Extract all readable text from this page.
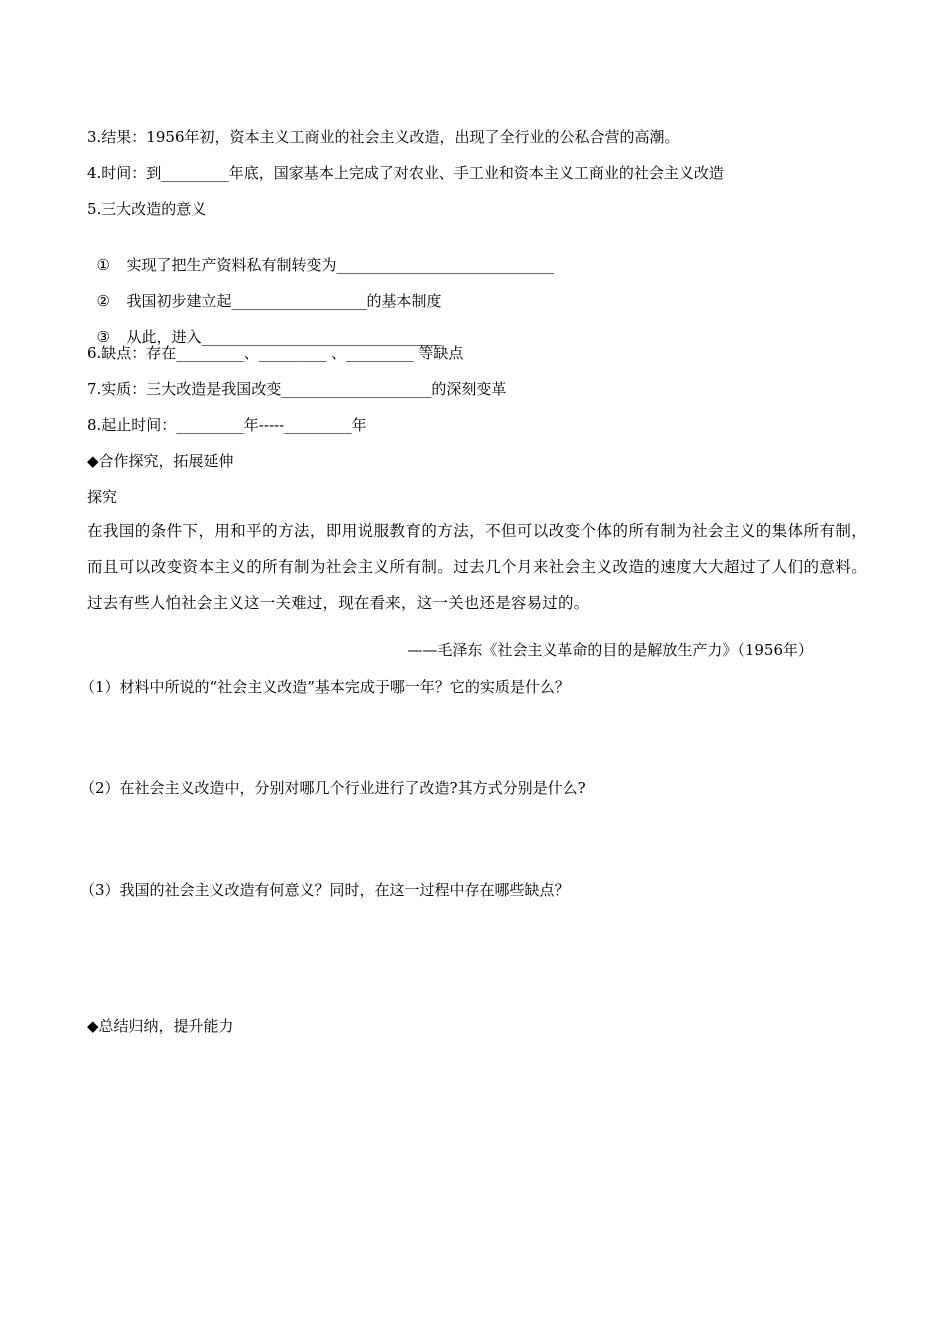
3.结果：1956年初，资本主义工商业的社会主义改造，出现了全行业的公私合营的高潮。
4.时间：到_________年底，国家基本上完成了对农业、手工业和资本主义工商业的社会主义改造
5.三大改造的意义

① 实现了把生产资料私有制转变为_____________________________

② 我国初步建立起__________________的基本制度

③ 从此，进入________________________________

6.缺点：存在_________、_________ 、_________ 等缺点
7.实质：三大改造是我国改变____________________的深刻变革
8.起止时间：_________年-----_________年
◆合作探究，拓展延伸
探究
在我国的条件下，用和平的方法，即用说服教育的方法，不但可以改变个体的所有制为社会主义的集体所有制，而且可以改变资本主义的所有制为社会主义所有制。过去几个月来社会主义改造的速度大大超过了人们的意料。过去有些人怕社会主义这一关难过，现在看来，这一关也还是容易过的。
——毛泽东《社会主义革命的目的是解放生产力》（1956年）
（1）材料中所说的“社会主义改造”基本完成于哪一年？它的实质是什么？
（2）在社会主义改造中，分别对哪几个行业进行了改造?其方式分别是什么?
（3）我国的社会主义改造有何意义？同时，在这一过程中存在哪些缺点？
◆总结归纳，提升能力
